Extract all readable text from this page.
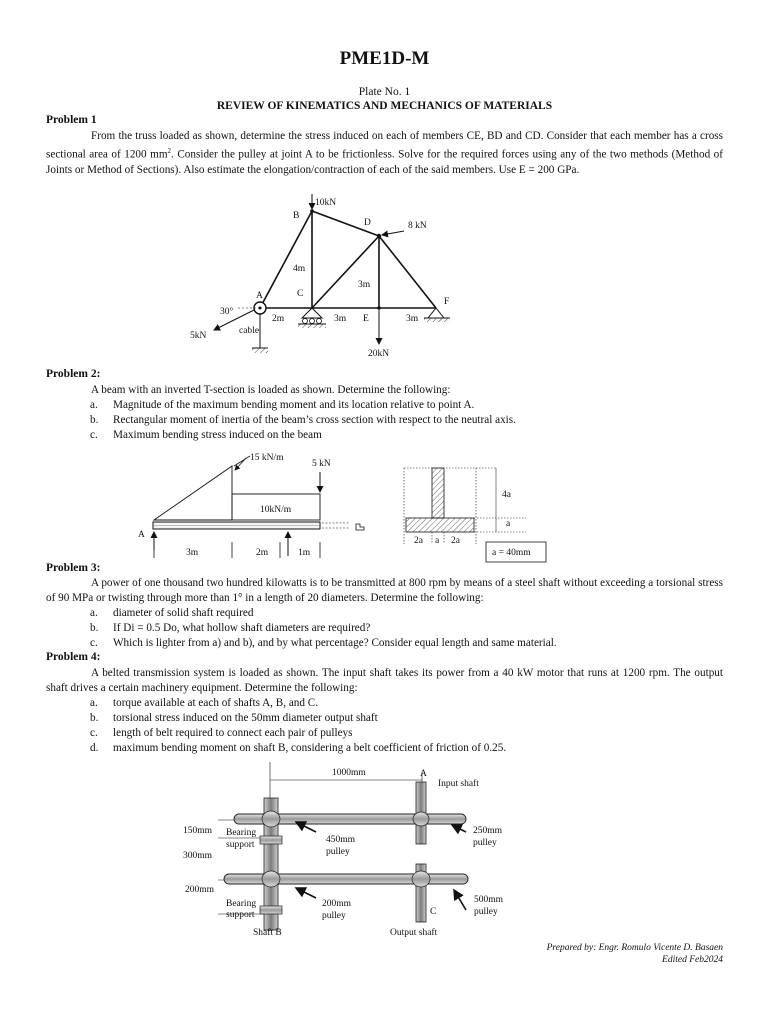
PME1D-M
Plate No. 1
REVIEW OF KINEMATICS AND MECHANICS OF MATERIALS
Problem 1
From the truss loaded as shown, determine the stress induced on each of members CE, BD and CD. Consider that each member has a cross sectional area of 1200 $mm^2$. Consider the pulley at joint A to be frictionless. Solve for the required forces using any of the two methods (Method of Joints or Method of Sections). Also estimate the elongation/contraction of each of the said members. Use E = 200 GPa.
10kN
B
D	8 kN
4m
3m
A	C
F
30°
2m	3m E	3m
5kN	cable
20kN
Problem 2:
A beam with an inverted T-section is loaded as shown. Determine the following:
a.	Magnitude of the maximum bending moment and its location relative to point A.
b.	Rectangular moment of inertia of the beam’s cross section with respect to the neutral axis.
c.	Maximum bending stress induced on the beam
15 kN/m
5 kN
10kN/m
A
3m	2m	1m
4a
a
2a a 2a
a = 40mm
Problem 3:
A power of one thousand two hundred kilowatts is to be transmitted at 800 rpm by means of a steel shaft without exceeding a torsional stress of 90 MPa or twisting through more than 1° in a length of 20 diameters. Determine the following:
a.	diameter of solid shaft required
b.	If Di = 0.5 Do, what hollow shaft diameters are required?
c.	Which is lighter from a) and b), and by what percentage? Consider equal length and same material.
Problem 4:
A belted transmission system is loaded as shown. The input shaft takes its power from a 40 kW motor that runs at 1200 rpm. The output shaft drives a certain machinery equipment. Determine the following:
a.	torque available at each of shafts A, B, and C.
b.	torsional stress induced on the 50mm diameter output shaft
c.	length of belt required to connect each pair of pulleys
d.	maximum bending moment on shaft B, considering a belt coefficient of friction of 0.25.
1000mm	A
Input shaft
150mm Bearing
support	450mm
pulley
250mm
pulley
300mm
200mm
Bearing
support
200mm
pulley	C
500mm
pulley
Shaft B	Output shaft
Prepared by: Engr. Romulo Vicente D. Basaen
Edited Feb2024
